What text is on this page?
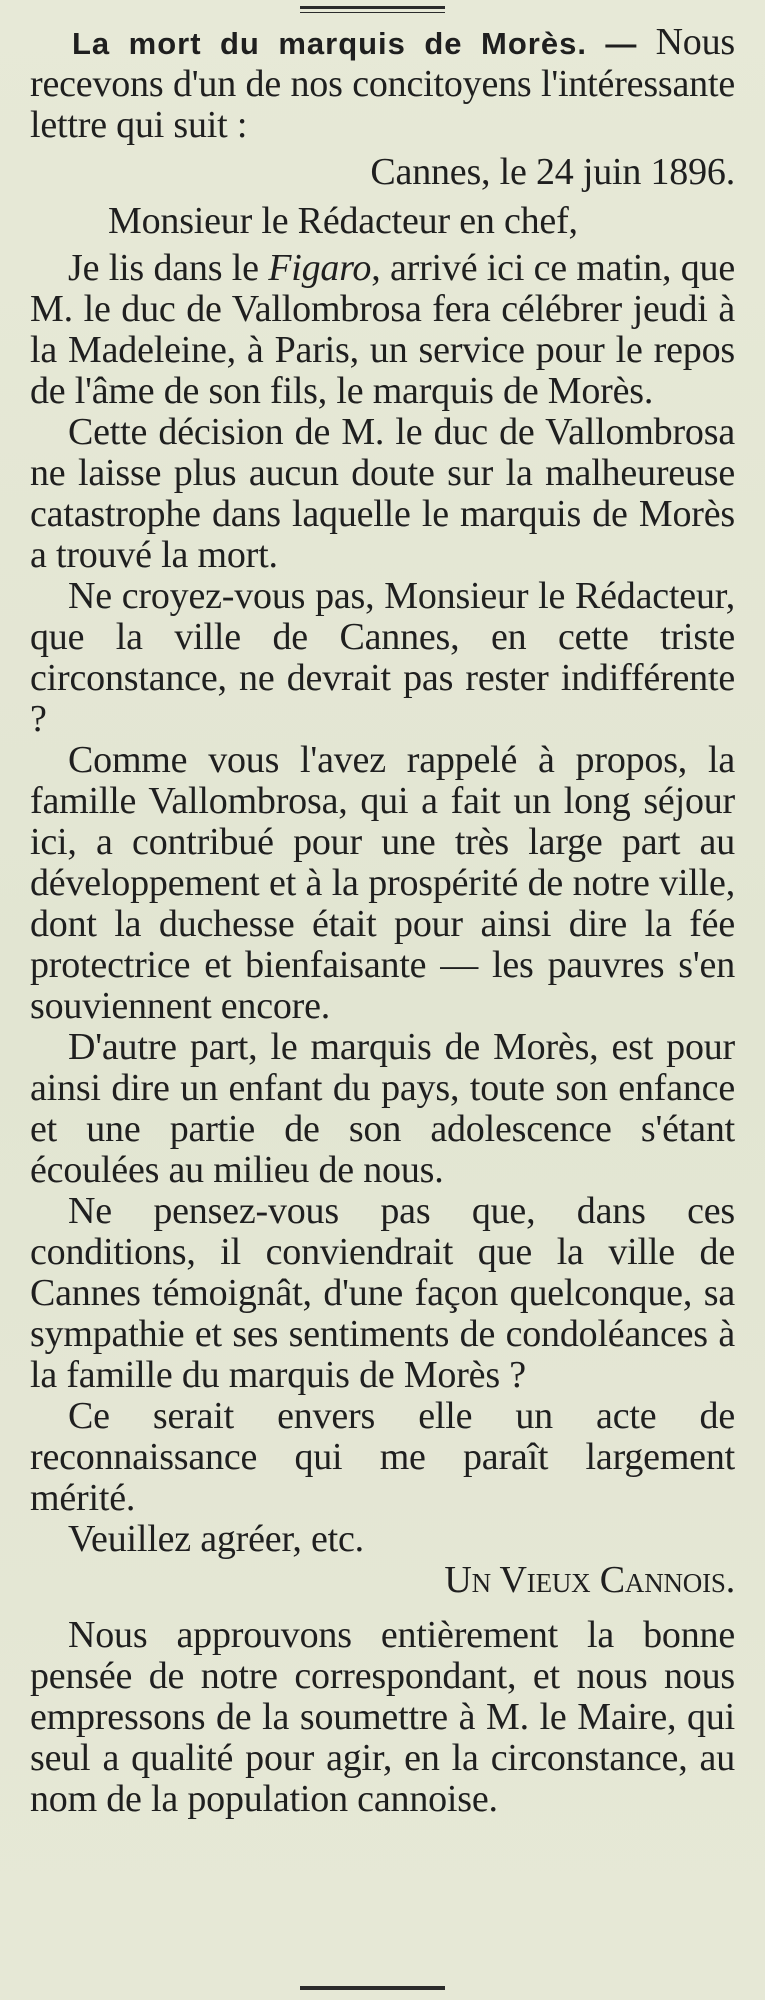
La mort du marquis de Morès. — Nous recevons d'un de nos concitoyens l'intéressante lettre qui suit :

Cannes, le 24 juin 1896.

Monsieur le Rédacteur en chef,

Je lis dans le Figaro, arrivé ici ce matin, que M. le duc de Vallombrosa fera célébrer jeudi à la Madeleine, à Paris, un service pour le repos de l'âme de son fils, le marquis de Morès.

Cette décision de M. le duc de Vallombrosa ne laisse plus aucun doute sur la malheureuse catastrophe dans laquelle le marquis de Morès a trouvé la mort.

Ne croyez-vous pas, Monsieur le Rédacteur, que la ville de Cannes, en cette triste circonstance, ne devrait pas rester indifférente ?

Comme vous l'avez rappelé à propos, la famille Vallombrosa, qui a fait un long séjour ici, a contribué pour une très large part au développement et à la prospérité de notre ville, dont la duchesse était pour ainsi dire la fée protectrice et bienfaisante — les pauvres s'en souviennent encore.

D'autre part, le marquis de Morès, est pour ainsi dire un enfant du pays, toute son enfance et une partie de son adolescence s'étant écoulées au milieu de nous.

Ne pensez-vous pas que, dans ces conditions, il conviendrait que la ville de Cannes témoignât, d'une façon quelconque, sa sympathie et ses sentiments de condoléances à la famille du marquis de Morès ?

Ce serait envers elle un acte de reconnaissance qui me paraît largement mérité.

Veuillez agréer, etc.

Un Vieux Cannois.

Nous approuvons entièrement la bonne pensée de notre correspondant, et nous nous empressons de la soumettre à M. le Maire, qui seul a qualité pour agir, en la circonstance, au nom de la population cannoise.
